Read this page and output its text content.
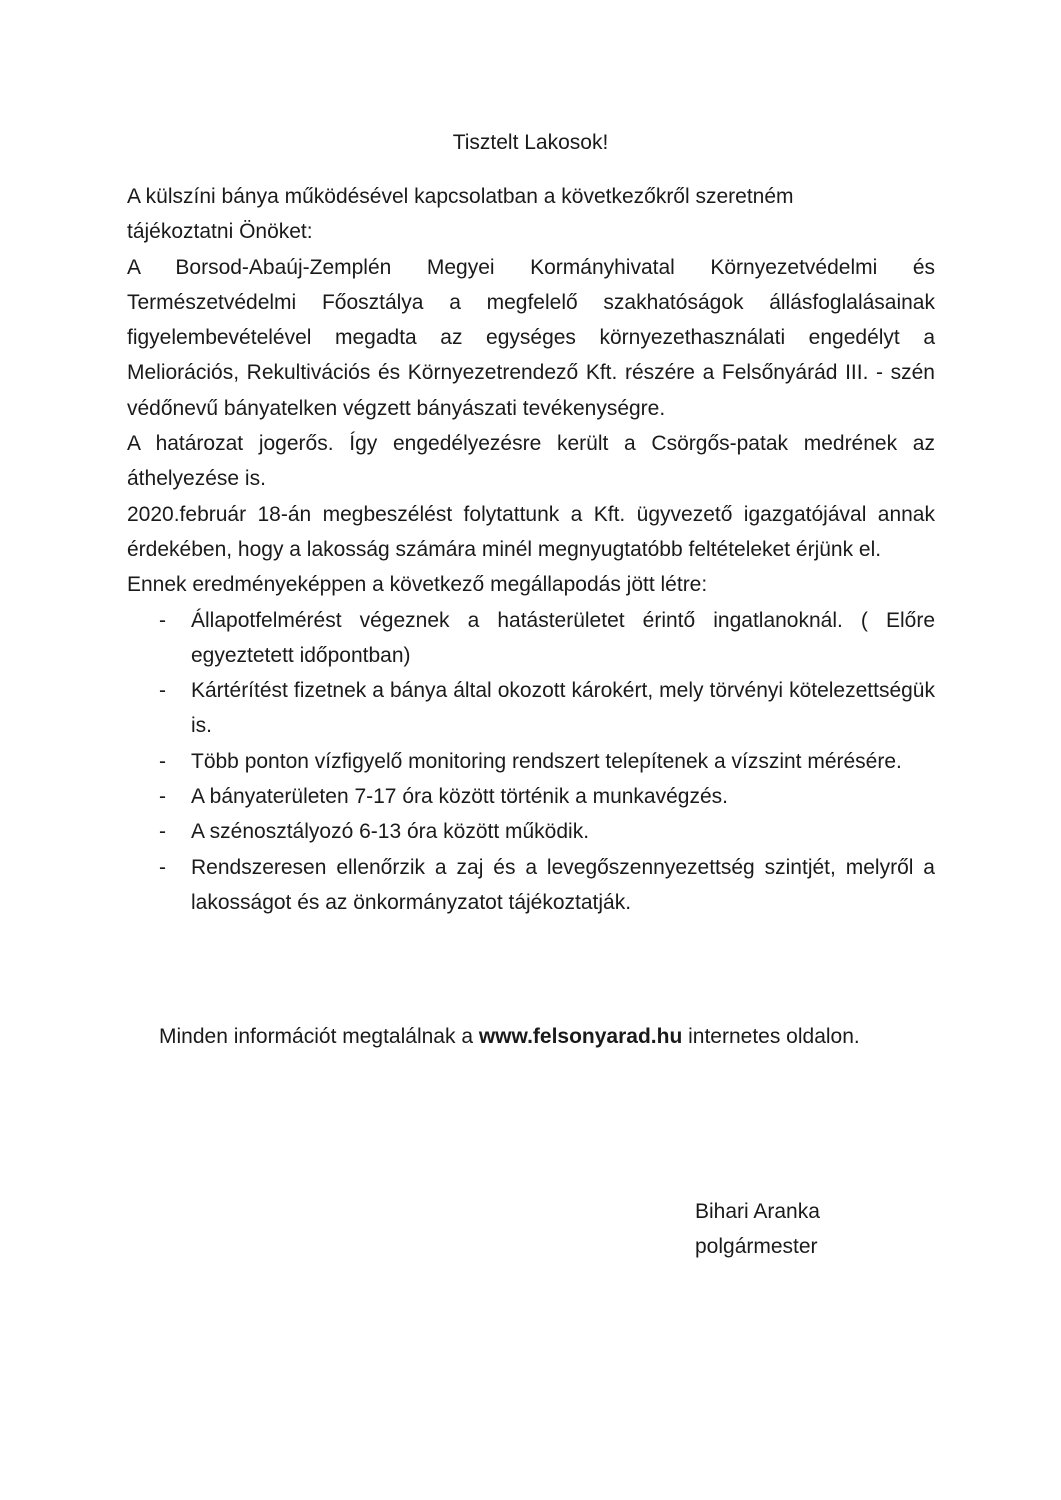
Tisztelt Lakosok!

A külszíni bánya működésével kapcsolatban a következőkről szeretném tájékoztatni Önöket:

A Borsod-Abaúj-Zemplén Megyei Kormányhivatal Környezetvédelmi és Természetvédelmi Főosztálya a megfelelő szakhatóságok állásfoglalásainak figyelembevételével megadta az egységes környezethasználati engedélyt a Meliorációs, Rekultivációs és Környezetrendező Kft. részére a Felsőnyárád III. - szén védőnevű bányatelken végzett bányászati tevékenységre.

A határozat jogerős. Így engedélyezésre került a Csörgős-patak medrének az áthelyezése is.

2020.február 18-án megbeszélést folytattunk a Kft. ügyvezető igazgatójával annak érdekében, hogy a lakosság számára minél megnyugtatóbb feltételeket érjünk el.

Ennek eredményeképpen a következő megállapodás jött létre:

- Állapotfelmérést végeznek a hatásterületet érintő ingatlanoknál. ( Előre egyeztetett időpontban)
- Kártérítést fizetnek a bánya által okozott károkért, mely törvényi kötelezettségük is.
- Több ponton vízfigyelő monitoring rendszert telepítenek a vízszint mérésére.
- A bányaterületen 7-17 óra között történik a munkavégzés.
- A szénosztályozó 6-13 óra között működik.
- Rendszeresen ellenőrzik a zaj és a levegőszennyezettség szintjét, melyről a lakosságot és az önkormányzatot tájékoztatják.
Minden információt megtalálnak a www.felsonyarad.hu internetes oldalon.
Bihari Aranka
polgármester
